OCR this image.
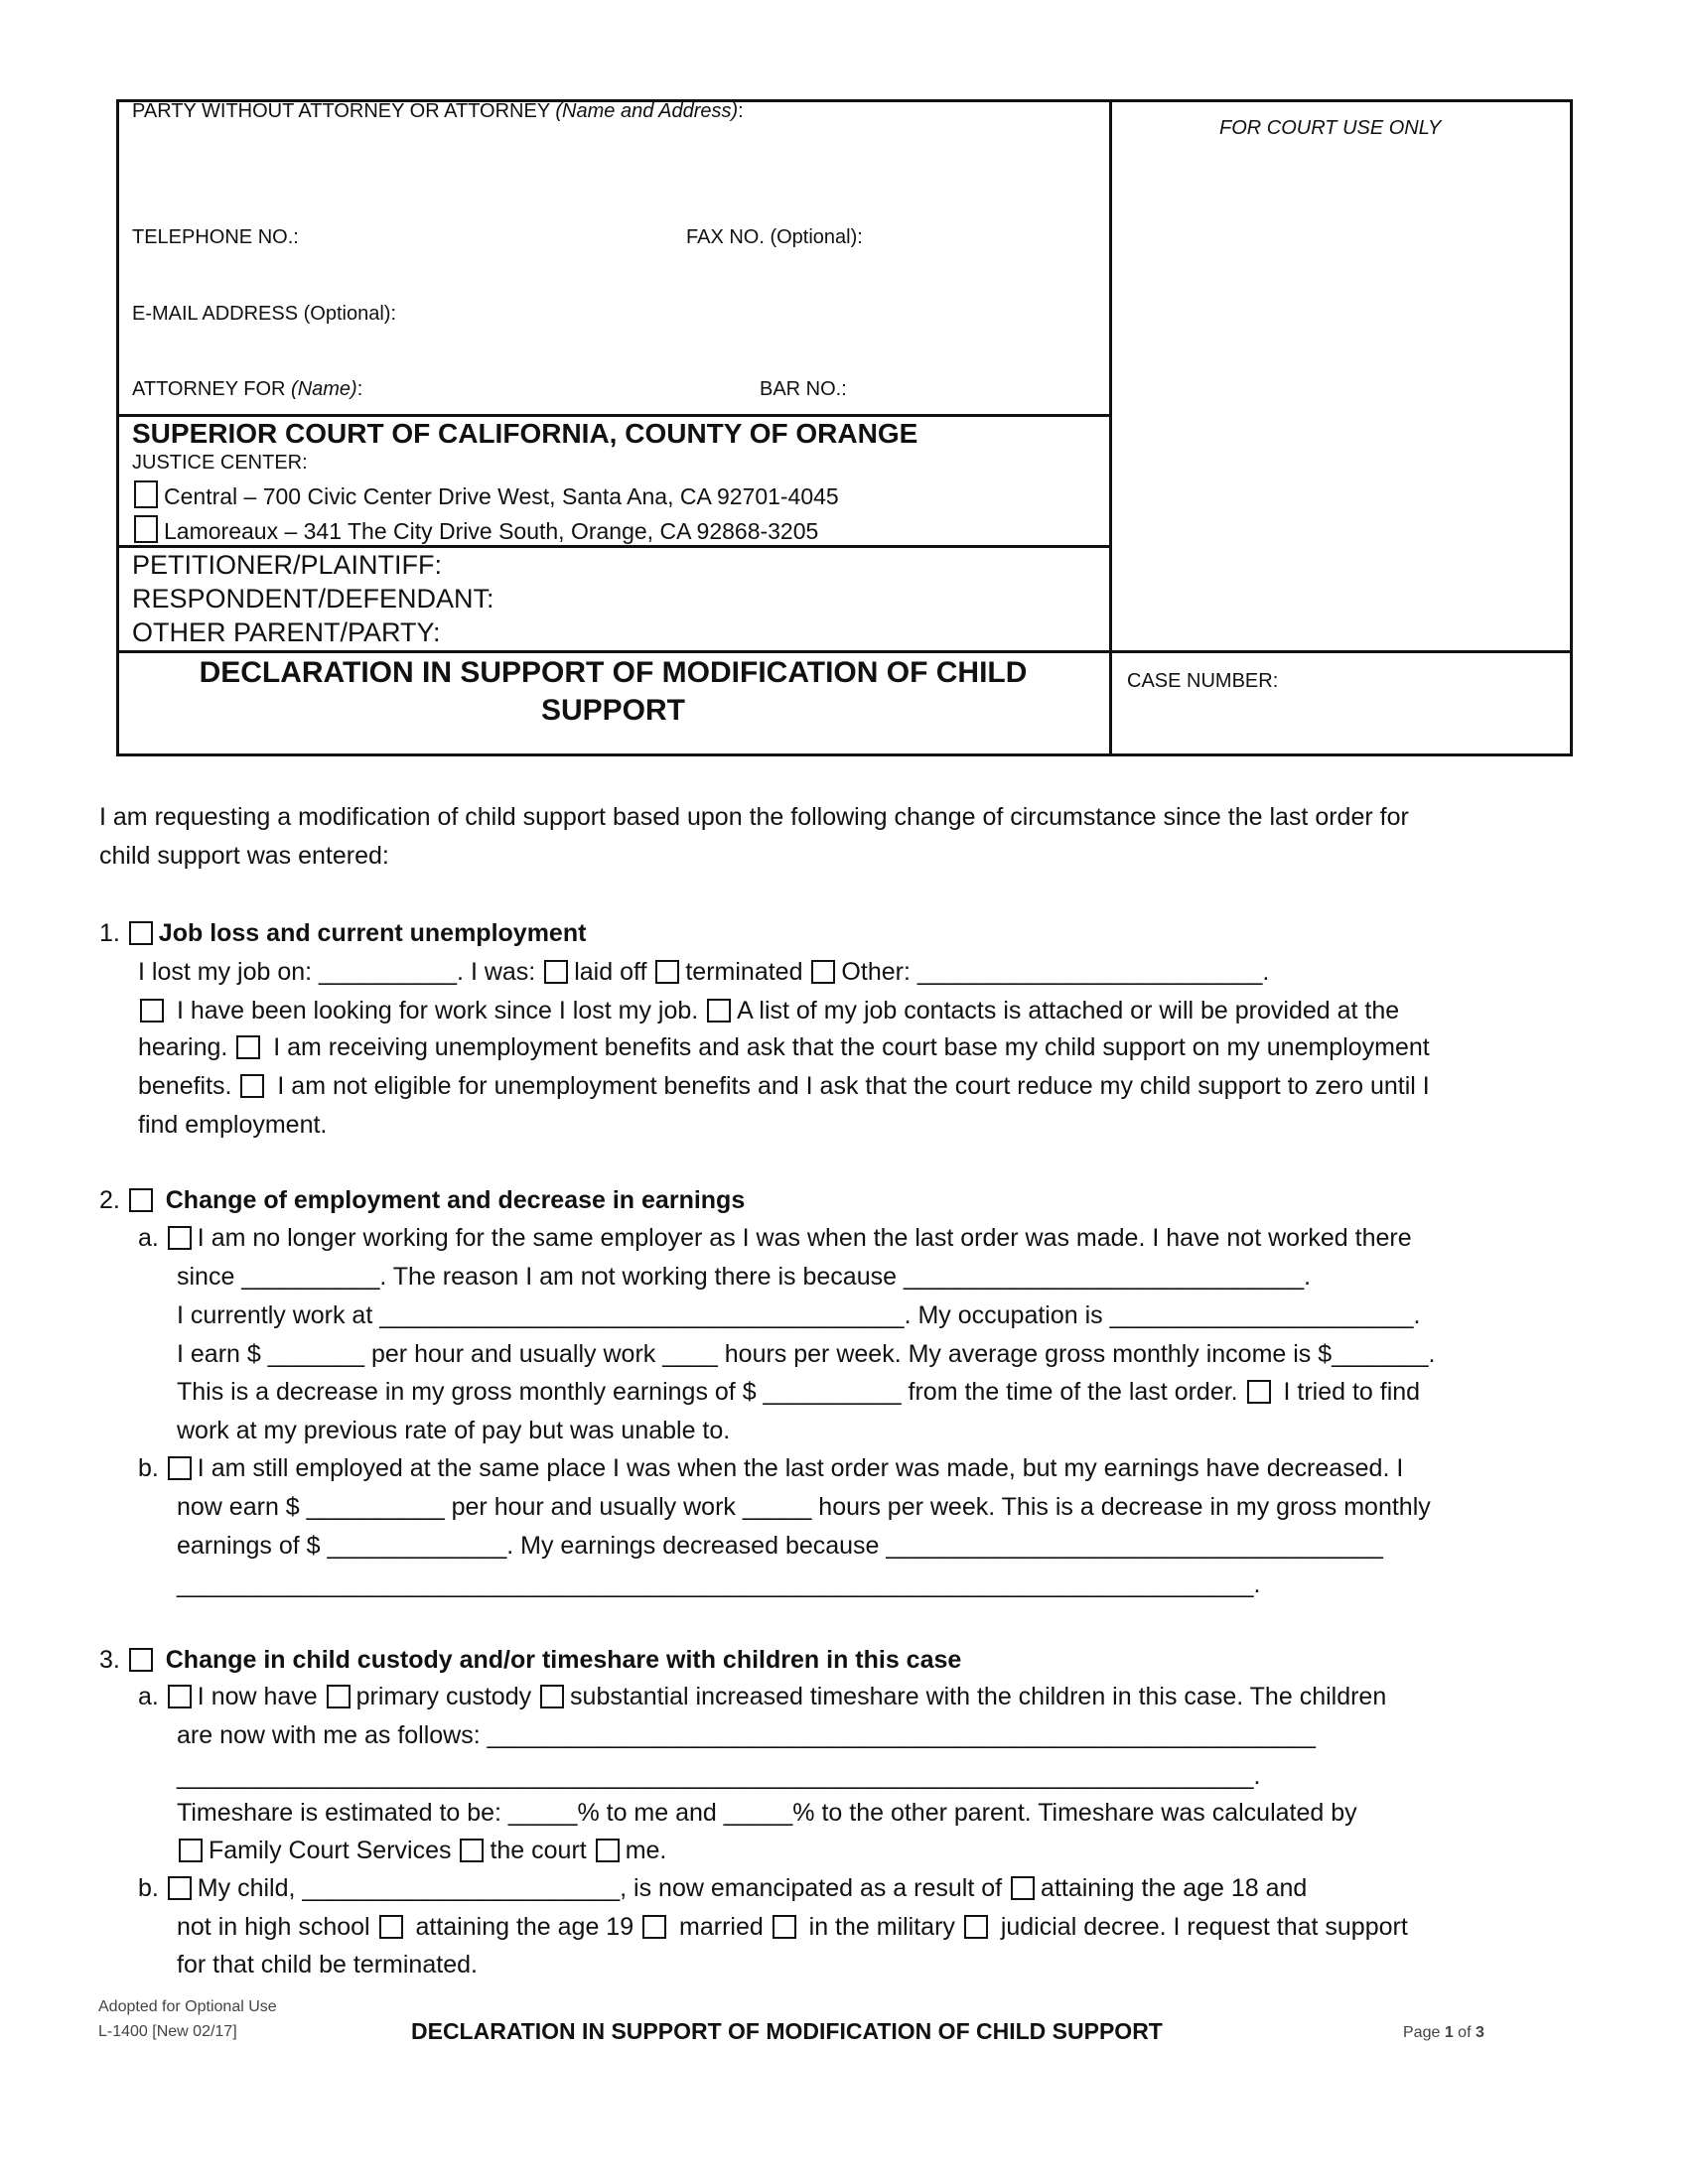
PARTY WITHOUT ATTORNEY OR ATTORNEY (Name and Address):
TELEPHONE NO.:	FAX NO. (Optional):
E-MAIL ADDRESS (Optional):
ATTORNEY FOR (Name):	BAR NO.:
FOR COURT USE ONLY
SUPERIOR COURT OF CALIFORNIA, COUNTY OF ORANGE
JUSTICE CENTER:
Central – 700 Civic Center Drive West, Santa Ana, CA 92701-4045
Lamoreaux – 341 The City Drive South, Orange, CA 92868-3205
PETITIONER/PLAINTIFF:
RESPONDENT/DEFENDANT:
OTHER PARENT/PARTY:
DECLARATION IN SUPPORT OF MODIFICATION OF CHILD
SUPPORT
CASE NUMBER:
I am requesting a modification of child support based upon the following change of circumstance since the last order for
child support was entered:
1. Job loss and current unemployment
I lost my job on: __________. I was: laid off terminated Other: _________________________.
I have been looking for work since I lost my job. A list of my job contacts is attached or will be provided at the
hearing.  I am receiving unemployment benefits and ask that the court base my child support on my unemployment
benefits.  I am not eligible for unemployment benefits and I ask that the court reduce my child support to zero until I
find employment.
2.  Change of employment and decrease in earnings
a. I am no longer working for the same employer as I was when the last order was made. I have not worked there
since __________. The reason I am not working there is because _____________________________.
I currently work at ______________________________________. My occupation is ______________________.
I earn $ _______ per hour and usually work ____ hours per week. My average gross monthly income is $_______.
This is a decrease in my gross monthly earnings of $ __________ from the time of the last order.  I tried to find
work at my previous rate of pay but was unable to.
b. I am still employed at the same place I was when the last order was made, but my earnings have decreased. I
now earn $ __________ per hour and usually work _____ hours per week. This is a decrease in my gross monthly
earnings of $ _____________. My earnings decreased because ____________________________________
______________________________________________________________________________.
3.  Change in child custody and/or timeshare with children in this case
a. I now have primary custody substantial increased timeshare with the children in this case. The children
are now with me as follows: ____________________________________________________________
______________________________________________________________________________.
Timeshare is estimated to be: _____% to me and _____% to the other parent. Timeshare was calculated by
Family Court Services the court me.
b. My child, _______________________, is now emancipated as a result of attaining the age 18 and
not in high school  attaining the age 19  married  in the military  judicial decree. I request that support
for that child be terminated.
Adopted for Optional Use
L-1400 [New 02/17]	DECLARATION IN SUPPORT OF MODIFICATION OF CHILD SUPPORT	Page 1 of 3
